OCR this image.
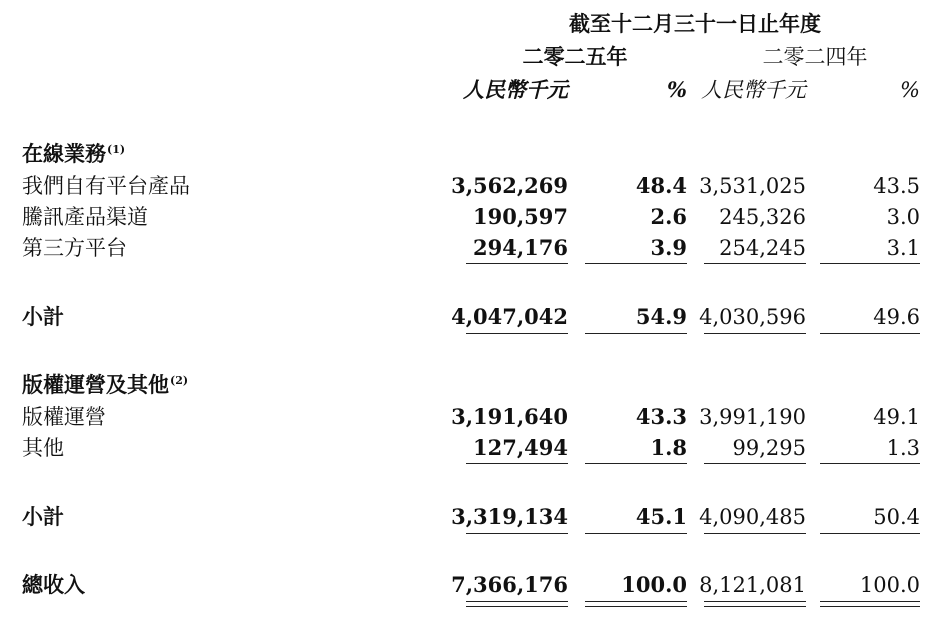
截至十二月三十一日止年度
二零二五年	二零二四年
人民幣千元	% 人民幣千元	%
在線業務$^{(1)}$
我們自有平台產品	3,562,269	48.4 3,531,025	43.5
騰訊產品渠道	190,597	2.6	245,326	3.0
第三方平台	294,176	3.9	254,245	3.1
小計	4,047,042	54.9 4,030,596	49.6
版權運營及其他$^{(2)}$
版權運營	3,191,640	43.3 3,991,190	49.1
其他	127,494	1.8	99,295	1.3
小計	3,319,134	45.1 4,090,485	50.4
總收入	7,366,176	100.0 8,121,081	100.0
